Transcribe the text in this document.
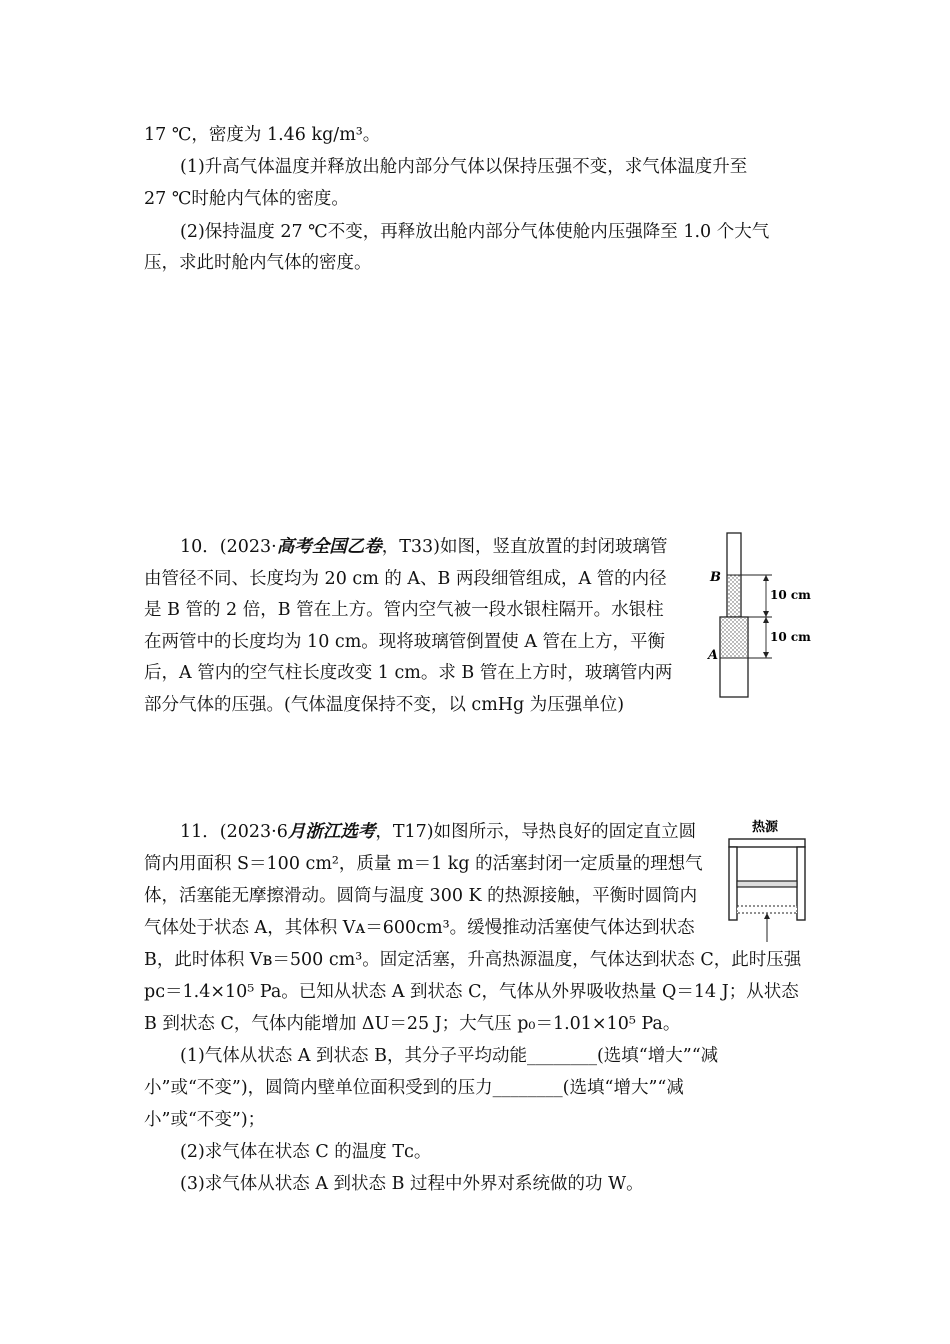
17 ℃，密度为 1.46 kg/m³。
(1)升高气体温度并释放出舱内部分气体以保持压强不变，求气体温度升至
27 ℃时舱内气体的密度。
(2)保持温度 27 ℃不变，再释放出舱内部分气体使舱内压强降至 1.0 个大气
压，求此时舱内气体的密度。
10．(2023·高考全国乙卷，T33)如图，竖直放置的封闭玻璃管
由管径不同、长度均为 20 cm 的 A、B 两段细管组成，A 管的内径
是 B 管的 2 倍，B 管在上方。管内空气被一段水银柱隔开。水银柱
在两管中的长度均为 10 cm。现将玻璃管倒置使 A 管在上方，平衡
后，A 管内的空气柱长度改变 1 cm。求 B 管在上方时，玻璃管内两
部分气体的压强。(气体温度保持不变，以 cmHg 为压强单位)
B
A
10 cm
10 cm
11．(2023·6月浙江选考，T17)如图所示，导热良好的固定直立圆
筒内用面积 S＝100 cm²，质量 m＝1 kg 的活塞封闭一定质量的理想气
体，活塞能无摩擦滑动。圆筒与温度 300 K 的热源接触，平衡时圆筒内
气体处于状态 A，其体积 Vᴀ＝600cm³。缓慢推动活塞使气体达到状态
B，此时体积 Vʙ＝500 cm³。固定活塞，升高热源温度，气体达到状态 C，此时压强
pᴄ＝1.4×10⁵ Pa。已知从状态 A 到状态 C，气体从外界吸收热量 Q＝14 J；从状态
B 到状态 C，气体内能增加 ΔU＝25 J；大气压 p₀＝1.01×10⁵ Pa。
(1)气体从状态 A 到状态 B，其分子平均动能________(选填“增大”“减
小”或“不变”)，圆筒内壁单位面积受到的压力________(选填“增大”“减
小”或“不变”)；
(2)求气体在状态 C 的温度 Tᴄ。
(3)求气体从状态 A 到状态 B 过程中外界对系统做的功 W。
热源
